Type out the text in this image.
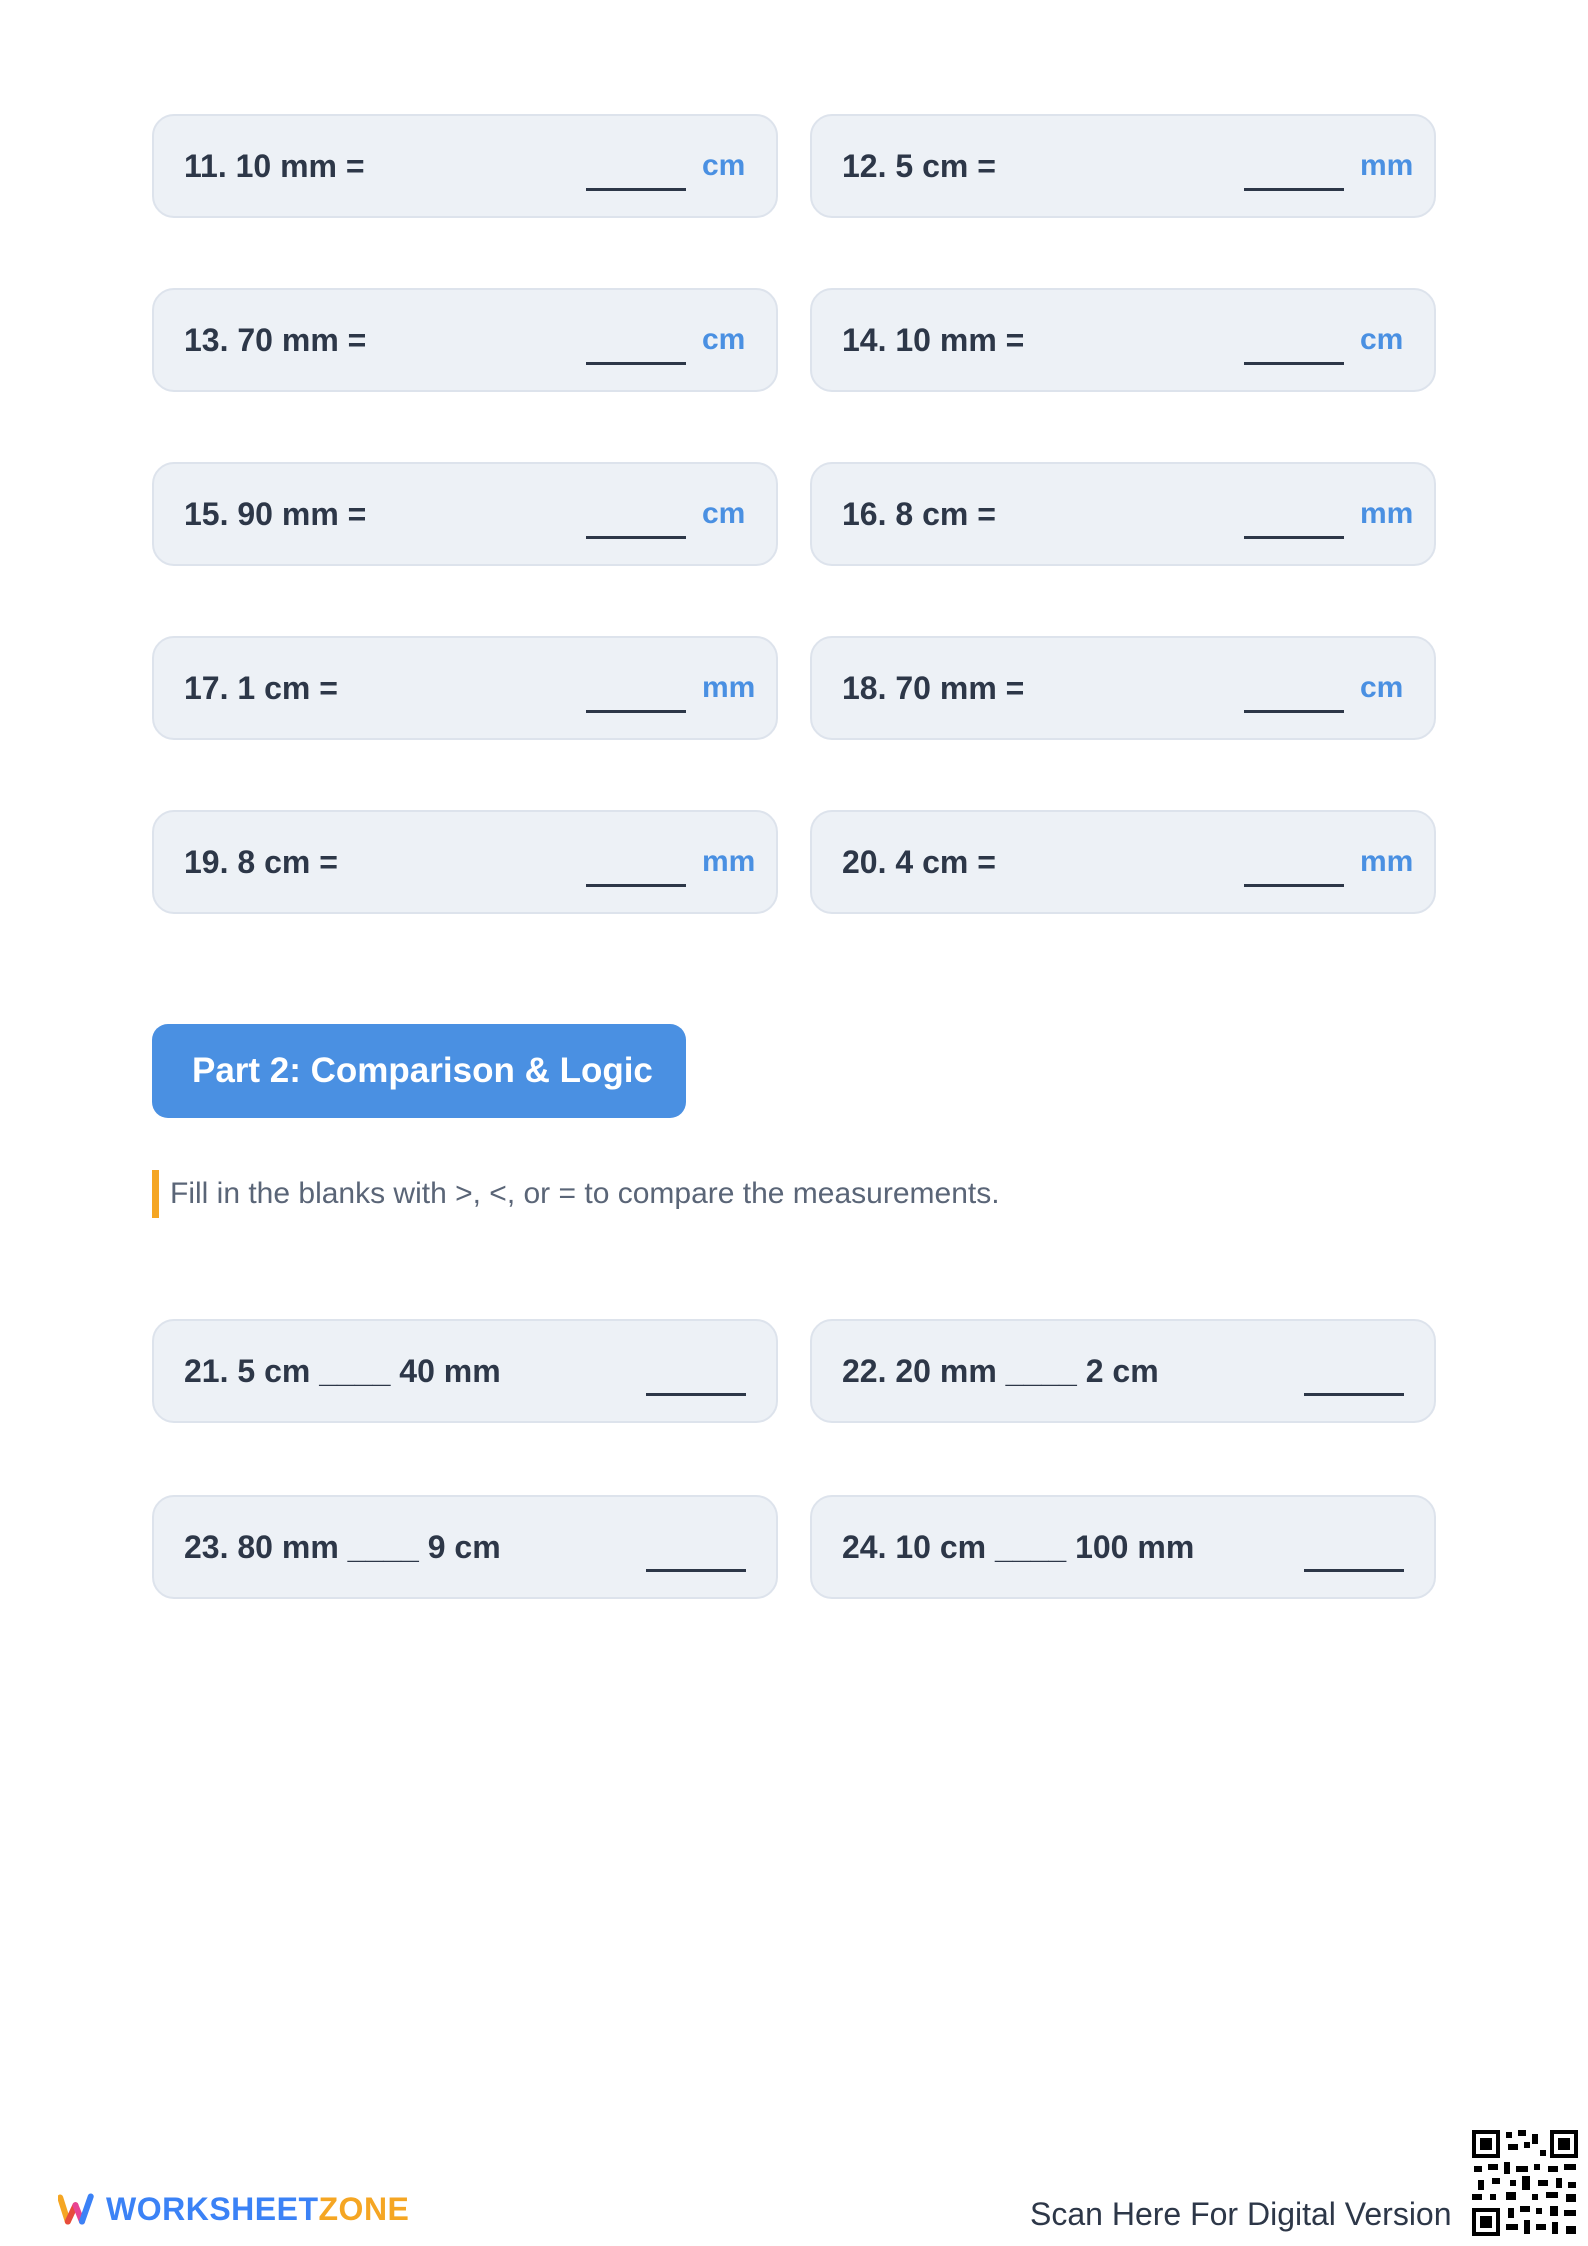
11. 10 mm =	cm	12. 5 cm =	mm
13. 70 mm =	cm	14. 10 mm =	cm
15. 90 mm =	cm	16. 8 cm =	mm
17. 1 cm =	mm	18. 70 mm =	cm
19. 8 cm =	mm	20. 4 cm =	mm
Part 2: Comparison & Logic
Fill in the blanks with >, <, or = to compare the measurements.
21. 5 cm ____ 40 mm	22. 20 mm ____ 2 cm
23. 80 mm ____ 9 cm	24. 10 cm ____ 100 mm
WORKSHEETZONE	Scan Here For Digital Version
